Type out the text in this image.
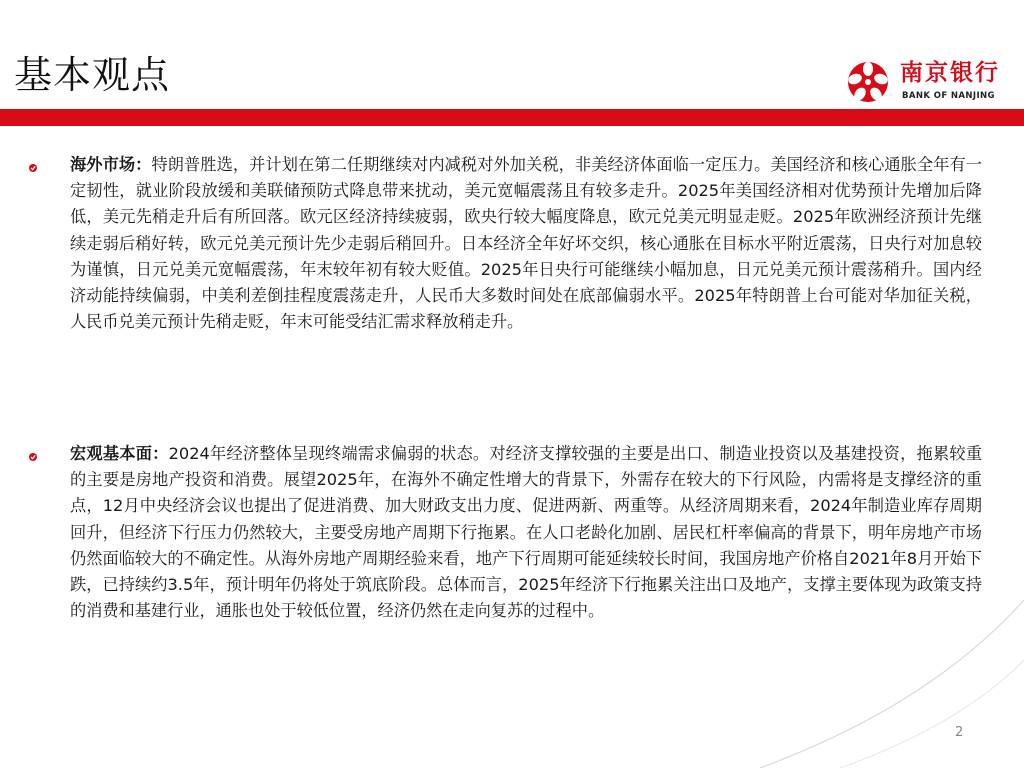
基本观点	南京银行
BANK OF NANJING

海外市场：特朗普胜选，并计划在第二任期继续对内减税对外加关税，非美经济体面临一定压力。美国经济和核心通胀全年有一定韧性，就业阶段放缓和美联储预防式降息带来扰动，美元宽幅震荡且有较多走升。2025年美国经济相对优势预计先增加后降低，美元先稍走升后有所回落。欧元区经济持续疲弱，欧央行较大幅度降息，欧元兑美元明显走贬。2025年欧洲经济预计先继续走弱后稍好转，欧元兑美元预计先少走弱后稍回升。日本经济全年好坏交织，核心通胀在目标水平附近震荡，日央行对加息较为谨慎，日元兑美元宽幅震荡，年末较年初有较大贬值。2025年日央行可能继续小幅加息，日元兑美元预计震荡稍升。国内经济动能持续偏弱，中美利差倒挂程度震荡走升，人民币大多数时间处在底部偏弱水平。2025年特朗普上台可能对华加征关税，人民币兑美元预计先稍走贬，年末可能受结汇需求释放稍走升。

宏观基本面：2024年经济整体呈现终端需求偏弱的状态。对经济支撑较强的主要是出口、制造业投资以及基建投资，拖累较重的主要是房地产投资和消费。展望2025年，在海外不确定性增大的背景下，外需存在较大的下行风险，内需将是支撑经济的重点，12月中央经济会议也提出了促进消费、加大财政支出力度、促进两新、两重等。从经济周期来看，2024年制造业库存周期回升，但经济下行压力仍然较大，主要受房地产周期下行拖累。在人口老龄化加剧、居民杠杆率偏高的背景下，明年房地产市场仍然面临较大的不确定性。从海外房地产周期经验来看，地产下行周期可能延续较长时间，我国房地产价格自2021年8月开始下跌，已持续约3.5年，预计明年仍将处于筑底阶段。总体而言，2025年经济下行拖累关注出口及地产，支撑主要体现为政策支持的消费和基建行业，通胀也处于较低位置，经济仍然在走向复苏的过程中。

2
